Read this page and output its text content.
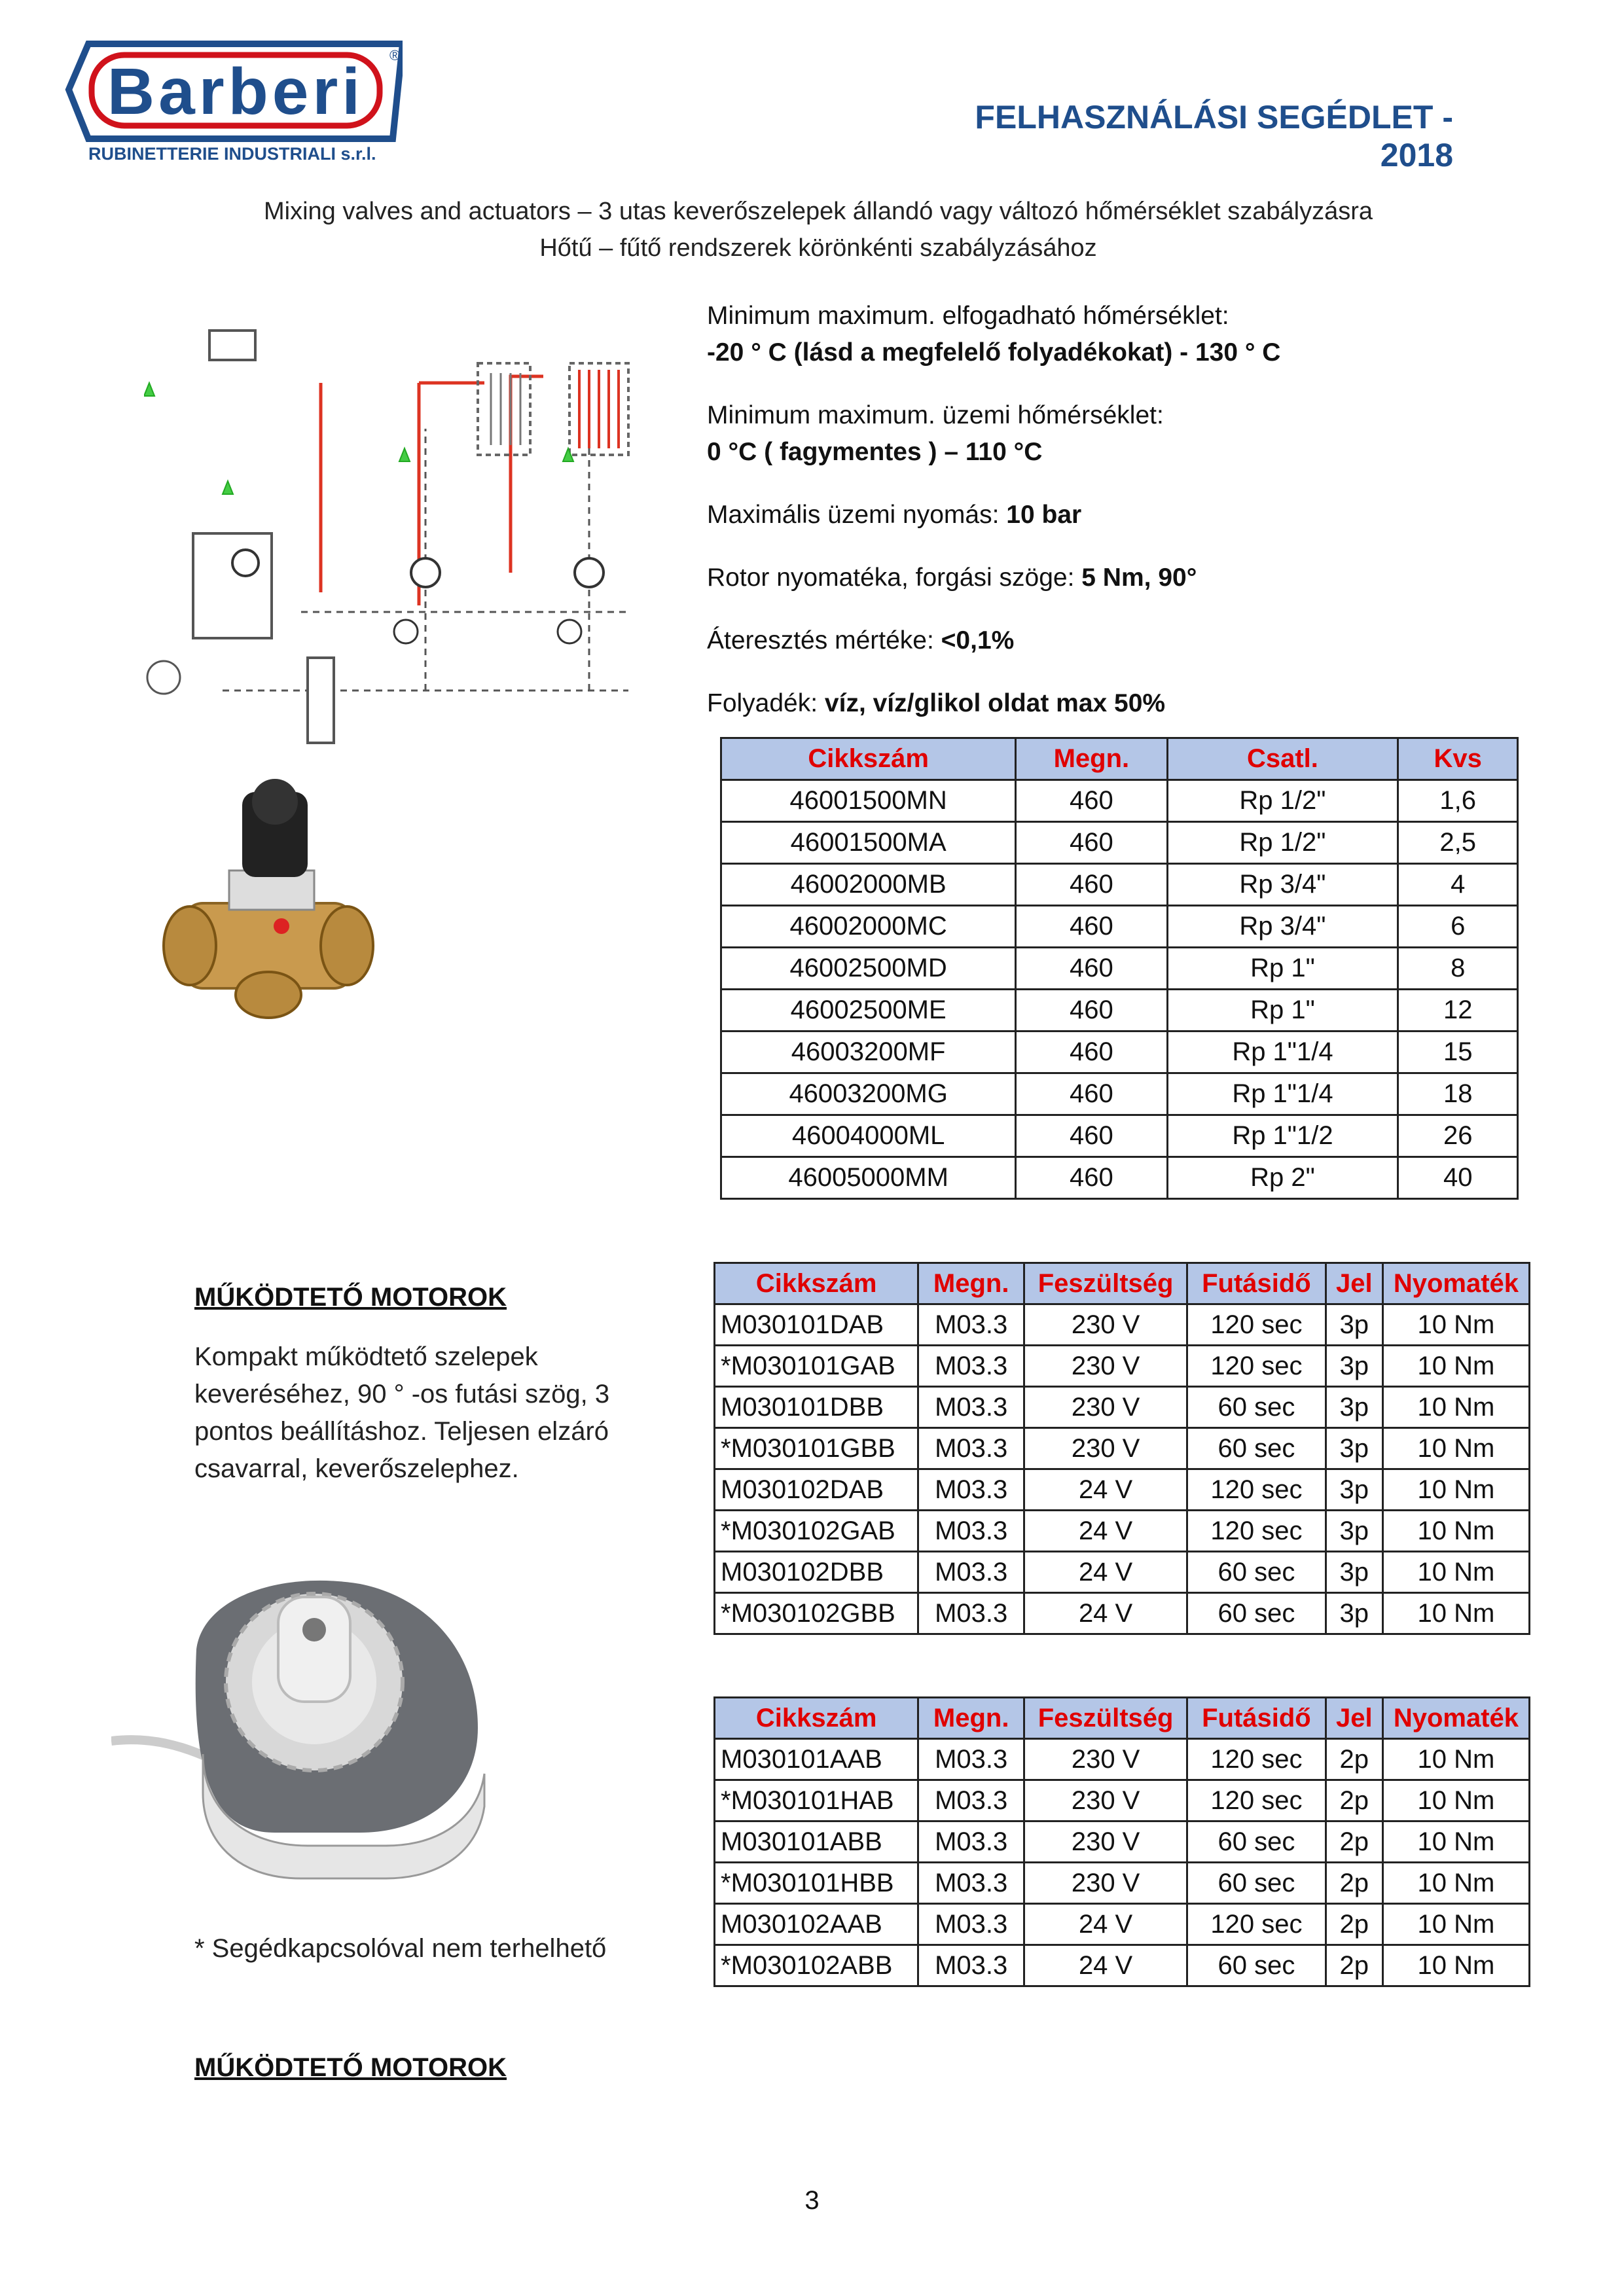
Barberi ®
RUBINETTERIE INDUSTRIALI s.r.l.
FELHASZNÁLÁSI SEGÉDLET - 2018
Mixing valves and actuators – 3 utas keverőszelepek állandó vagy változó hőmérséklet szabályzásra
Hőtű – fűtő rendszerek körönkénti szabályzásához
Minimum maximum. elfogadható hőmérséklet:
-20 ° C (lásd a megfelelő folyadékokat) - 130 ° C
Minimum maximum. üzemi hőmérséklet:
0 °C ( fagymentes ) – 110 °C
Maximális üzemi nyomás: 10 bar
Rotor nyomatéka, forgási szöge: 5 Nm, 90°
Áteresztés mértéke: <0,1%
Folyadék: víz, víz/glikol oldat max 50%
Cikkszám	Megn.	Csatl.	Kvs
46001500MN	460	Rp 1/2"	1,6
46001500MA	460	Rp 1/2"	2,5
46002000MB	460	Rp 3/4"	4
46002000MC	460	Rp 3/4"	6
46002500MD	460	Rp 1"	8
46002500ME	460	Rp 1"	12
46003200MF	460	Rp 1"1/4	15
46003200MG	460	Rp 1"1/4	18
46004000ML	460	Rp 1"1/2	26
46005000MM	460	Rp 2"	40
MŰKÖDTETŐ MOTOROK
Kompakt működtető szelepek keveréséhez, 90 ° -os futási szög, 3 pontos beállításhoz. Teljesen elzáró csavarral, keverőszelephez.
Cikkszám	Megn.	Feszültség	Futásidő	Jel	Nyomaték
M030101DAB	M03.3	230 V	120 sec	3p	10 Nm
*M030101GAB	M03.3	230 V	120 sec	3p	10 Nm
M030101DBB	M03.3	230 V	60 sec	3p	10 Nm
*M030101GBB	M03.3	230 V	60 sec	3p	10 Nm
M030102DAB	M03.3	24 V	120 sec	3p	10 Nm
*M030102GAB	M03.3	24 V	120 sec	3p	10 Nm
M030102DBB	M03.3	24 V	60 sec	3p	10 Nm
*M030102GBB	M03.3	24 V	60 sec	3p	10 Nm
Cikkszám	Megn.	Feszültség	Futásidő	Jel	Nyomaték
M030101AAB	M03.3	230 V	120 sec	2p	10 Nm
*M030101HAB	M03.3	230 V	120 sec	2p	10 Nm
M030101ABB	M03.3	230 V	60 sec	2p	10 Nm
*M030101HBB	M03.3	230 V	60 sec	2p	10 Nm
M030102AAB	M03.3	24 V	120 sec	2p	10 Nm
*M030102ABB	M03.3	24 V	60 sec	2p	10 Nm
* Segédkapcsolóval nem terhelhető
MŰKÖDTETŐ MOTOROK
3
